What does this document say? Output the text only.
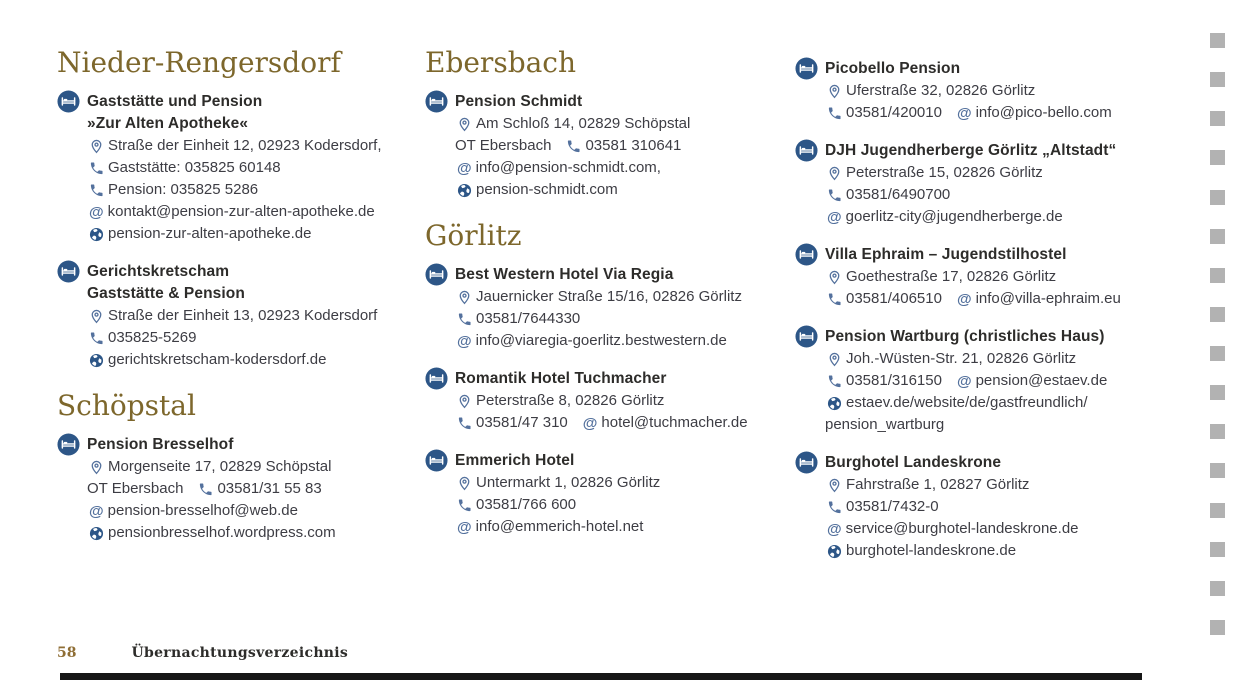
Nieder-Rengersdorf
Gaststätte und Pension
»Zur Alten Apotheke«
Straße der Einheit 12, 02923 Kodersdorf,
Gaststätte: 035825 60148
Pension: 035825 5286
@ kontakt@pension-zur-alten-apotheke.de
pension-zur-alten-apotheke.de
Gerichtskretscham
Gaststätte & Pension
Straße der Einheit 13, 02923 Kodersdorf
035825-5269
gerichtskretscham-kodersdorf.de
Schöpstal
Pension Bresselhof
Morgenseite 17, 02829 Schöpstal
OT Ebersbach 03581/31 55 83
@ pension-bresselhof@web.de
pensionbresselhof.wordpress.com
Ebersbach
Pension Schmidt
Am Schloß 14, 02829 Schöpstal
OT Ebersbach 03581 310641
@ info@pension-schmidt.com,
pension-schmidt.com
Görlitz
Best Western Hotel Via Regia
Jauernicker Straße 15/16, 02826 Görlitz
03581/7644330
@ info@viaregia-goerlitz.bestwestern.de
Romantik Hotel Tuchmacher
Peterstraße 8, 02826 Görlitz
03581/47 310 @ hotel@tuchmacher.de
Emmerich Hotel
Untermarkt 1, 02826 Görlitz
03581/766 600
@ info@emmerich-hotel.net
Picobello Pension
Uferstraße 32, 02826 Görlitz
03581/420010 @ info@pico-bello.com
DJH Jugendherberge Görlitz „Altstadt“
Peterstraße 15, 02826 Görlitz
03581/6490700
@ goerlitz-city@jugendherberge.de
Villa Ephraim – Jugendstilhostel
Goethestraße 17, 02826 Görlitz
03581/406510 @ info@villa-ephraim.eu
Pension Wartburg (christliches Haus)
Joh.-Wüsten-Str. 21, 02826 Görlitz
03581/316150 @ pension@estaev.de
estaev.de/website/de/gastfreundlich/
pension_wartburg
Burghotel Landeskrone
Fahrstraße 1, 02827 Görlitz
03581/7432-0
@ service@burghotel-landeskrone.de
burghotel-landeskrone.de
58	Übernachtungsverzeichnis
